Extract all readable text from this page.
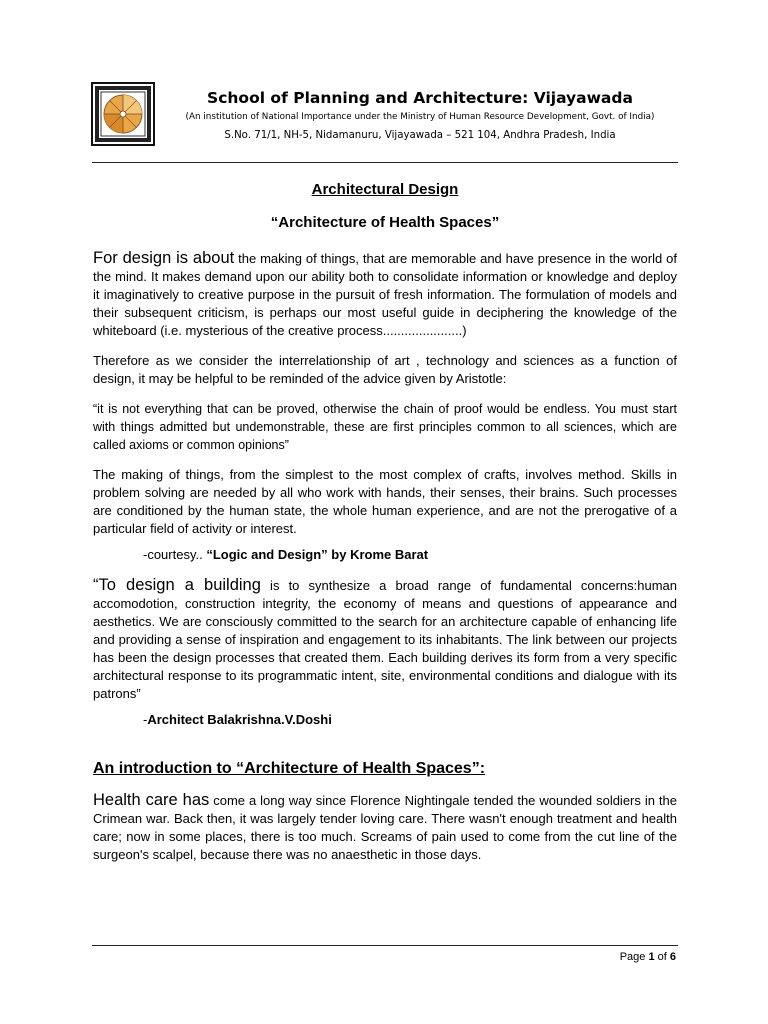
School of Planning and Architecture: Vijayawada
(An institution of National Importance under the Ministry of Human Resource Development, Govt. of India)
S.No. 71/1, NH-5, Nidamanuru, Vijayawada – 521 104, Andhra Pradesh, India
Architectural Design
“Architecture of Health Spaces”

For design is about the making of things, that are memorable and have presence in the world of the mind. It makes demand upon our ability both to consolidate information or knowledge and deploy it imaginatively to creative purpose in the pursuit of fresh information. The formulation of models and their subsequent criticism, is perhaps our most useful guide in deciphering the knowledge of the whiteboard (i.e. mysterious of the creative process......................)

Therefore as we consider the interrelationship of art , technology and sciences as a function of design, it may be helpful to be reminded of the advice given by Aristotle:

“it is not everything that can be proved, otherwise the chain of proof would be endless. You must start with things admitted but undemonstrable, these are first principles common to all sciences, which are called axioms or common opinions”

The making of things, from the simplest to the most complex of crafts, involves method. Skills in problem solving are needed by all who work with hands, their senses, their brains. Such processes are conditioned by the human state, the whole human experience, and are not the prerogative of a particular field of activity or interest.

-courtesy.. “Logic and Design” by Krome Barat

“To design a building is to synthesize a broad range of fundamental concerns:human accomodotion, construction integrity, the economy of means and questions of appearance and aesthetics. We are consciously committed to the search for an architecture capable of enhancing life and providing a sense of inspiration and engagement to its inhabitants. The link between our projects has been the design processes that created them. Each building derives its form from a very specific architectural response to its programmatic intent, site, environmental conditions and dialogue with its patrons”

-Architect Balakrishna.V.Doshi
An introduction to “Architecture of Health Spaces”:

Health care has come a long way since Florence Nightingale tended the wounded soldiers in the Crimean war. Back then, it was largely tender loving care. There wasn't enough treatment and health care; now in some places, there is too much. Screams of pain used to come from the cut line of the surgeon's scalpel, because there was no anaesthetic in those days.

Page 1 of 6
